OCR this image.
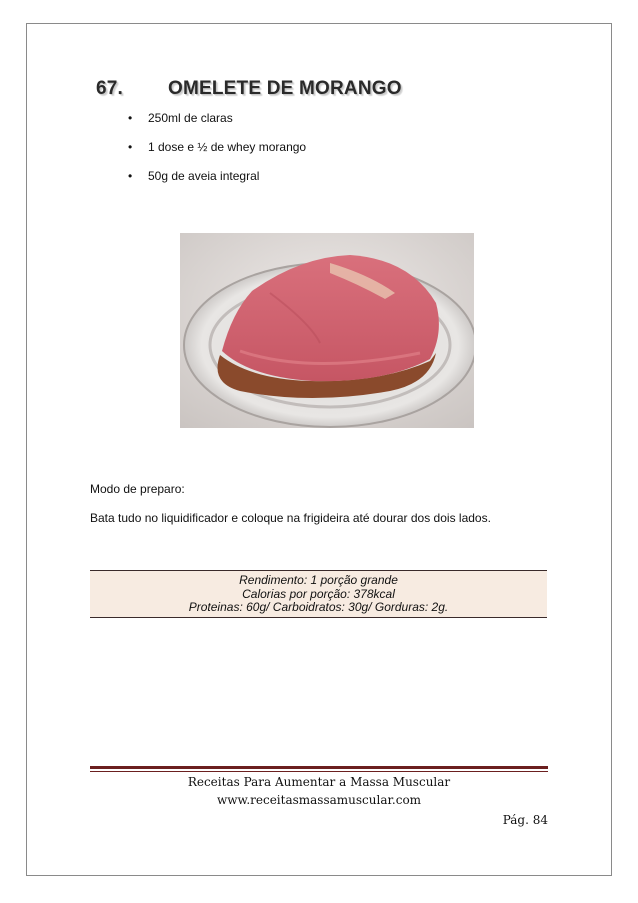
67. OMELETE DE MORANGO
• 250ml de claras
• 1 dose e ½ de whey morango
• 50g de aveia integral
Modo de preparo:
Bata tudo no liquidificador e coloque na frigideira até dourar dos dois lados.
Rendimento: 1 porção grande
Calorias por porção: 378kcal
Proteinas: 60g/ Carboidratos: 30g/ Gorduras: 2g.
Receitas Para Aumentar a Massa Muscular
www.receitasmassamuscular.com
Pág. 84
